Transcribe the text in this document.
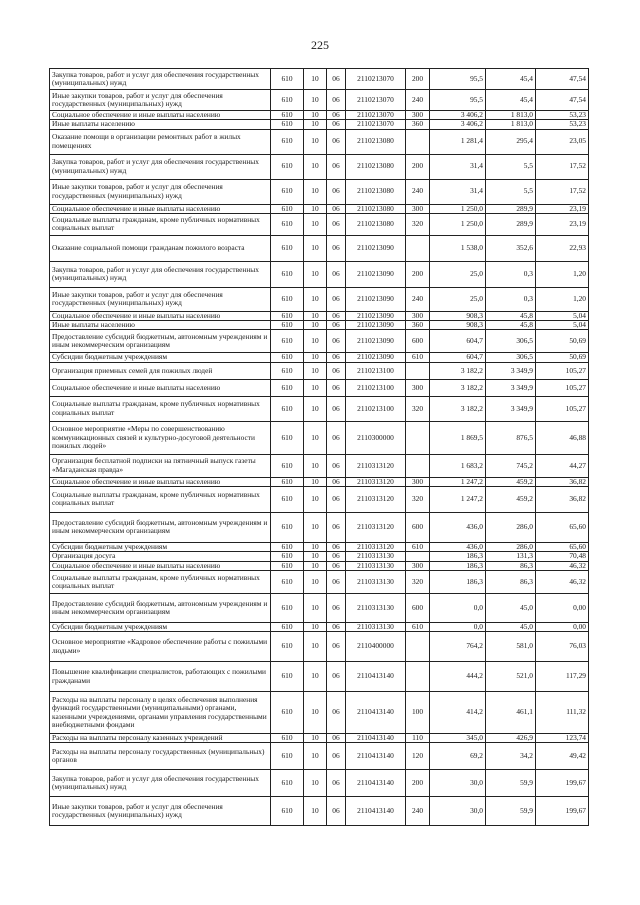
225
Закупка товаров, работ и услуг для обеспечения государственных (муниципальных) нужд	610	10	06	2110213070	200	95,5	45,4	47,54
Иные закупки товаров, работ и услуг для обеспечения государственных (муниципальных) нужд	610	10	06	2110213070	240	95,5	45,4	47,54
Социальное обеспечение и иные выплаты населению	610	10	06	2110213070	300	3 406,2	1 813,0	53,23
Иные выплаты населению	610	10	06	2110213070	360	3 406,2	1 813,0	53,23
Оказание помощи в организации ремонтных работ в жилых помещениях	610	10	06	2110213080		1 281,4	295,4	23,05
Закупка товаров, работ и услуг для обеспечения государственных (муниципальных) нужд	610	10	06	2110213080	200	31,4	5,5	17,52
Иные закупки товаров, работ и услуг для обеспечения государственных (муниципальных) нужд	610	10	06	2110213080	240	31,4	5,5	17,52
Социальное обеспечение и иные выплаты населению	610	10	06	2110213080	300	1 250,0	289,9	23,19
Социальные выплаты гражданам, кроме публичных нормативных социальных выплат	610	10	06	2110213080	320	1 250,0	289,9	23,19
Оказание социальной помощи гражданам пожилого возраста	610	10	06	2110213090		1 538,0	352,6	22,93
Закупка товаров, работ и услуг для обеспечения государственных (муниципальных) нужд	610	10	06	2110213090	200	25,0	0,3	1,20
Иные закупки товаров, работ и услуг для обеспечения государственных (муниципальных) нужд	610	10	06	2110213090	240	25,0	0,3	1,20
Социальное обеспечение и иные выплаты населению	610	10	06	2110213090	300	908,3	45,8	5,04
Иные выплаты населению	610	10	06	2110213090	360	908,3	45,8	5,04
Предоставление субсидий бюджетным, автономным учреждениям и иным некоммерческим организациям	610	10	06	2110213090	600	604,7	306,5	50,69
Субсидии бюджетным учреждениям	610	10	06	2110213090	610	604,7	306,5	50,69
Организация приемных семей для пожилых людей	610	10	06	2110213100		3 182,2	3 349,9	105,27
Социальное обеспечение и иные выплаты населению	610	10	06	2110213100	300	3 182,2	3 349,9	105,27
Социальные выплаты гражданам, кроме публичных нормативных социальных выплат	610	10	06	2110213100	320	3 182,2	3 349,9	105,27
Основное мероприятие «Меры по совершенствованию коммуникационных связей и культурно-досуговой деятельности пожилых людей»	610	10	06	2110300000		1 869,5	876,5	46,88
Организация бесплатной подписки на пятничный выпуск газеты «Магаданская правда»	610	10	06	2110313120		1 683,2	745,2	44,27
Социальное обеспечение и иные выплаты населению	610	10	06	2110313120	300	1 247,2	459,2	36,82
Социальные выплаты гражданам, кроме публичных нормативных социальных выплат	610	10	06	2110313120	320	1 247,2	459,2	36,82
Предоставление субсидий бюджетным, автономным учреждениям и иным некоммерческим организациям	610	10	06	2110313120	600	436,0	286,0	65,60
Субсидии бюджетным учреждениям	610	10	06	2110313120	610	436,0	286,0	65,60
Организация досуга	610	10	06	2110313130		186,3	131,3	70,48
Социальное обеспечение и иные выплаты населению	610	10	06	2110313130	300	186,3	86,3	46,32
Социальные выплаты гражданам, кроме публичных нормативных социальных выплат	610	10	06	2110313130	320	186,3	86,3	46,32
Предоставление субсидий бюджетным, автономным учреждениям и иным некоммерческим организациям	610	10	06	2110313130	600	0,0	45,0	0,00
Субсидии бюджетным учреждениям	610	10	06	2110313130	610	0,0	45,0	0,00
Основное мероприятие «Кадровое обеспечение работы с пожилыми людьми»	610	10	06	2110400000		764,2	581,0	76,03
Повышение квалификации специалистов, работающих с пожилыми гражданами	610	10	06	2110413140		444,2	521,0	117,29
Расходы на выплаты персоналу в целях обеспечения выполнения функций государственными (муниципальными) органами, казенными учреждениями, органами управления государственными внебюджетными фондами	610	10	06	2110413140	100	414,2	461,1	111,32
Расходы на выплаты персоналу казенных учреждений	610	10	06	2110413140	110	345,0	426,9	123,74
Расходы на выплаты персоналу государственных (муниципальных) органов	610	10	06	2110413140	120	69,2	34,2	49,42
Закупка товаров, работ и услуг для обеспечения государственных (муниципальных) нужд	610	10	06	2110413140	200	30,0	59,9	199,67
Иные закупки товаров, работ и услуг для обеспечения государственных (муниципальных) нужд	610	10	06	2110413140	240	30,0	59,9	199,67
